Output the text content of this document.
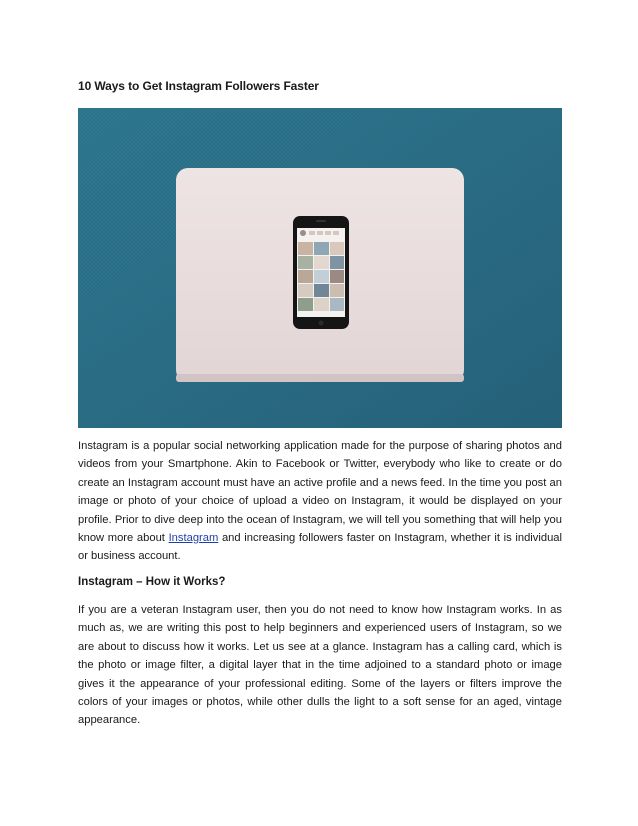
10 Ways to Get Instagram Followers Faster

Instagram is a popular social networking application made for the purpose of sharing photos and videos from your Smartphone. Akin to Facebook or Twitter, everybody who like to create or do create an Instagram account must have an active profile and a news feed. In the time you post an image or photo of your choice of upload a video on Instagram, it would be displayed on your profile. Prior to dive deep into the ocean of Instagram, we will tell you something that will help you know more about Instagram and increasing followers faster on Instagram, whether it is individual or business account.

Instagram – How it Works?

If you are a veteran Instagram user, then you do not need to know how Instagram works. In as much as, we are writing this post to help beginners and experienced users of Instagram, so we are about to discuss how it works. Let us see at a glance. Instagram has a calling card, which is the photo or image filter, a digital layer that in the time adjoined to a standard photo or image gives it the appearance of your professional editing. Some of the layers or filters improve the colors of your images or photos, while other dulls the light to a soft sense for an aged, vintage appearance.
